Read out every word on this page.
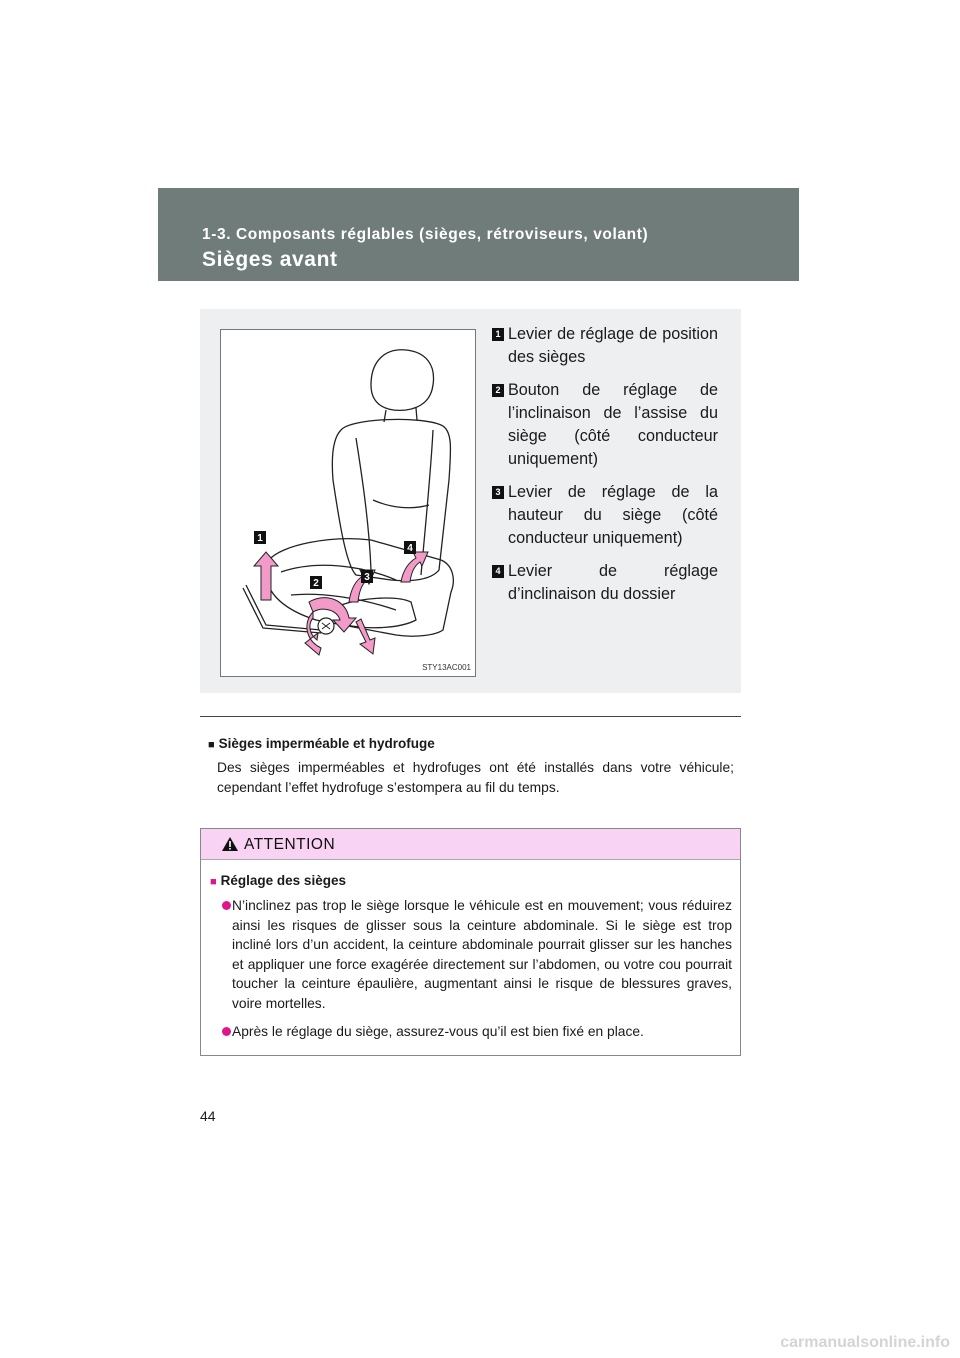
1-3. Composants réglables (sièges, rétroviseurs, volant)
Sièges avant
1
2
3
4
STY13AC001
1 Levier de réglage de position des sièges
2 Bouton de réglage de l’inclinaison de l’assise du siège (côté conducteur uniquement)
3 Levier de réglage de la hauteur du siège (côté conducteur uniquement)
4 Levier de réglage d’inclinaison du dossier
■ Sièges imperméable et hydrofuge
Des sièges imperméables et hydrofuges ont été installés dans votre véhicule; cependant l’effet hydrofuge s’estompera au fil du temps.
ATTENTION
■ Réglage des sièges
N’inclinez pas trop le siège lorsque le véhicule est en mouvement; vous réduirez ainsi les risques de glisser sous la ceinture abdominale. Si le siège est trop incliné lors d’un accident, la ceinture abdominale pourrait glisser sur les hanches et appliquer une force exagérée directement sur l’abdomen, ou votre cou pourrait toucher la ceinture épaulière, augmentant ainsi le risque de blessures graves, voire mortelles.
Après le réglage du siège, assurez-vous qu’il est bien fixé en place.
44
carmanualsonline.info
